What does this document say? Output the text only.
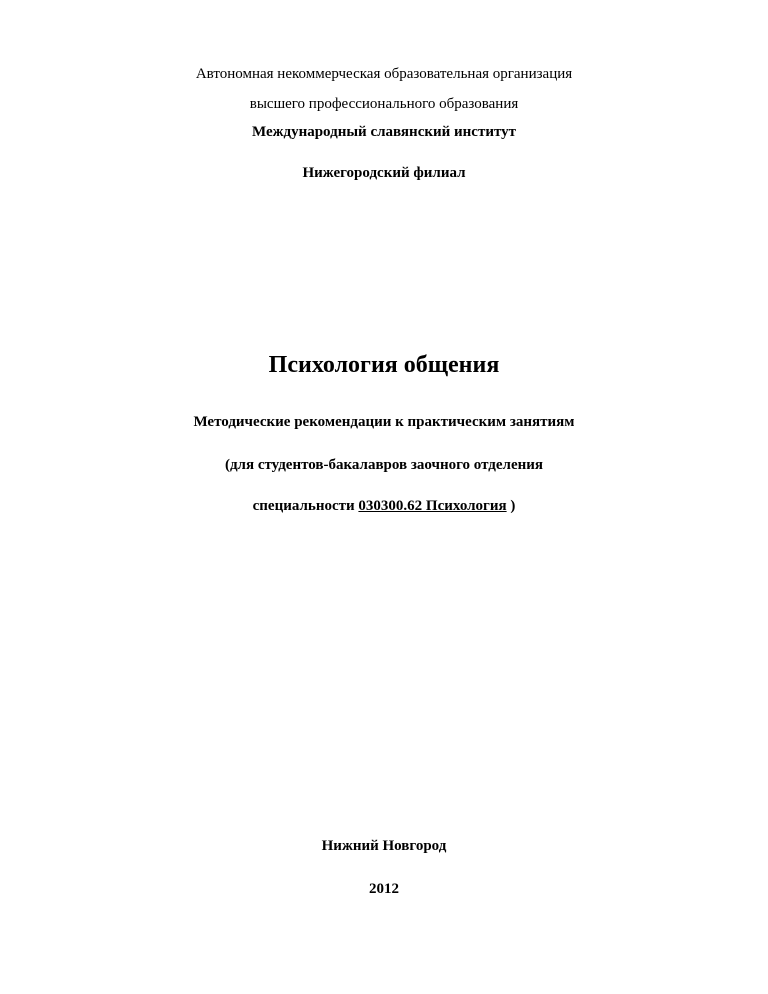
Автономная некоммерческая образовательная организация
высшего профессионального образования
Международный славянский институт
Нижегородский филиал
Психология общения
Методические рекомендации к практическим занятиям
(для студентов-бакалавров заочного отделения
специальности 030300.62 Психология )
Нижний Новгород
2012
